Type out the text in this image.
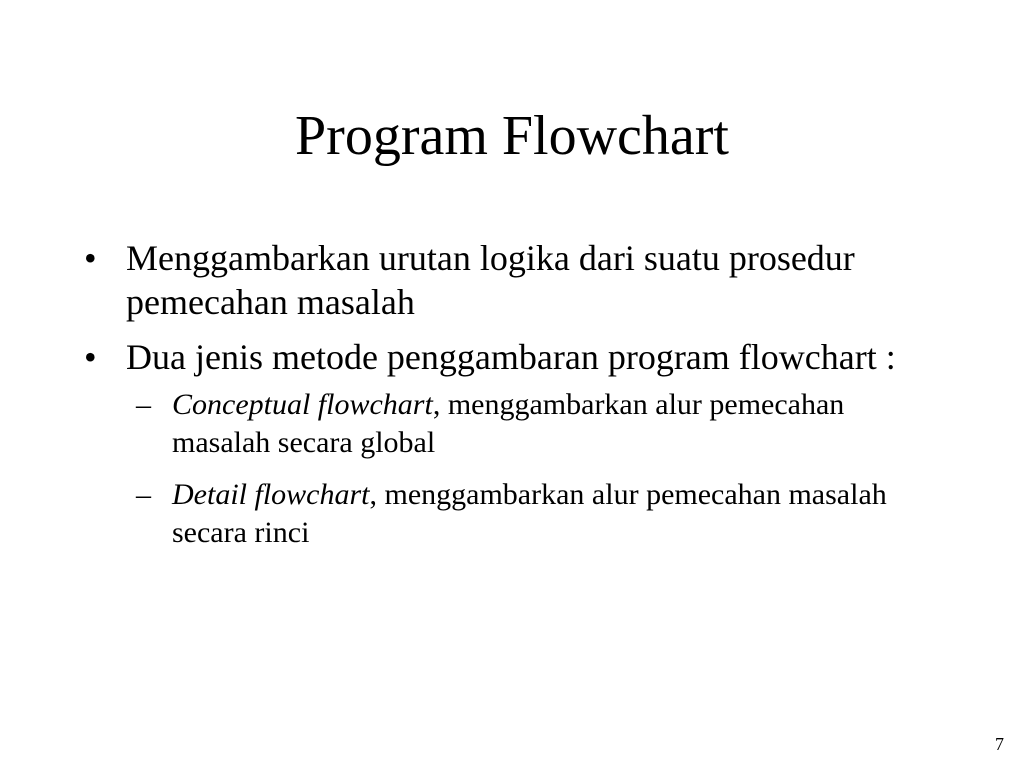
Program Flowchart
• Menggambarkan urutan logika dari suatu prosedur pemecahan masalah
• Dua jenis metode penggambaran program flowchart :
– Conceptual flowchart, menggambarkan alur pemecahan masalah secara global
– Detail flowchart, menggambarkan alur pemecahan masalah secara rinci
7
